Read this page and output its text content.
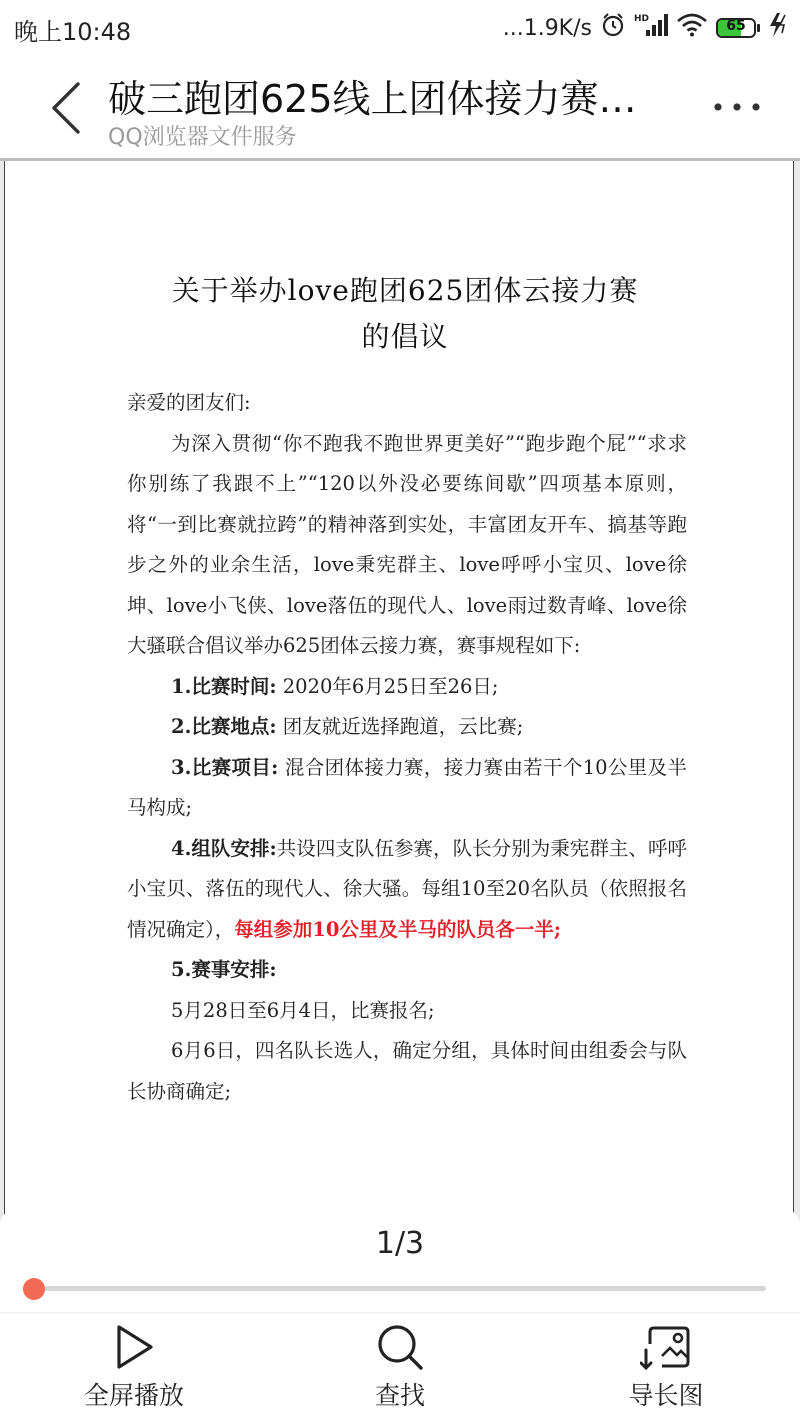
晚上10:48	...1.9K/s	HD	65
破三跑团625线上团体接力赛…
QQ浏览器文件服务
关于举办love跑团625团体云接力赛
的倡议

亲爱的团友们:

为深入贯彻“你不跑我不跑世界更美好”“跑步跑个屁”“求求你别练了我跟不上”“120以外没必要练间歇”四项基本原则，将“一到比赛就拉跨”的精神落到实处，丰富团友开车、搞基等跑步之外的业余生活，love秉宪群主、love呼呼小宝贝、love徐坤、love小飞侠、love落伍的现代人、love雨过数青峰、love徐大骚联合倡议举办625团体云接力赛，赛事规程如下:

1.比赛时间: 2020年6月25日至26日;

2.比赛地点: 团友就近选择跑道，云比赛;

3.比赛项目: 混合团体接力赛，接力赛由若干个10公里及半马构成;

4.组队安排:共设四支队伍参赛，队长分别为秉宪群主、呼呼小宝贝、落伍的现代人、徐大骚。每组10至20名队员（依照报名情况确定），每组参加10公里及半马的队员各一半;

5.赛事安排:

5月28日至6月4日，比赛报名;

6月6日，四名队长选人，确定分组，具体时间由组委会与队长协商确定;

1/3
全屏播放	查找	导长图
